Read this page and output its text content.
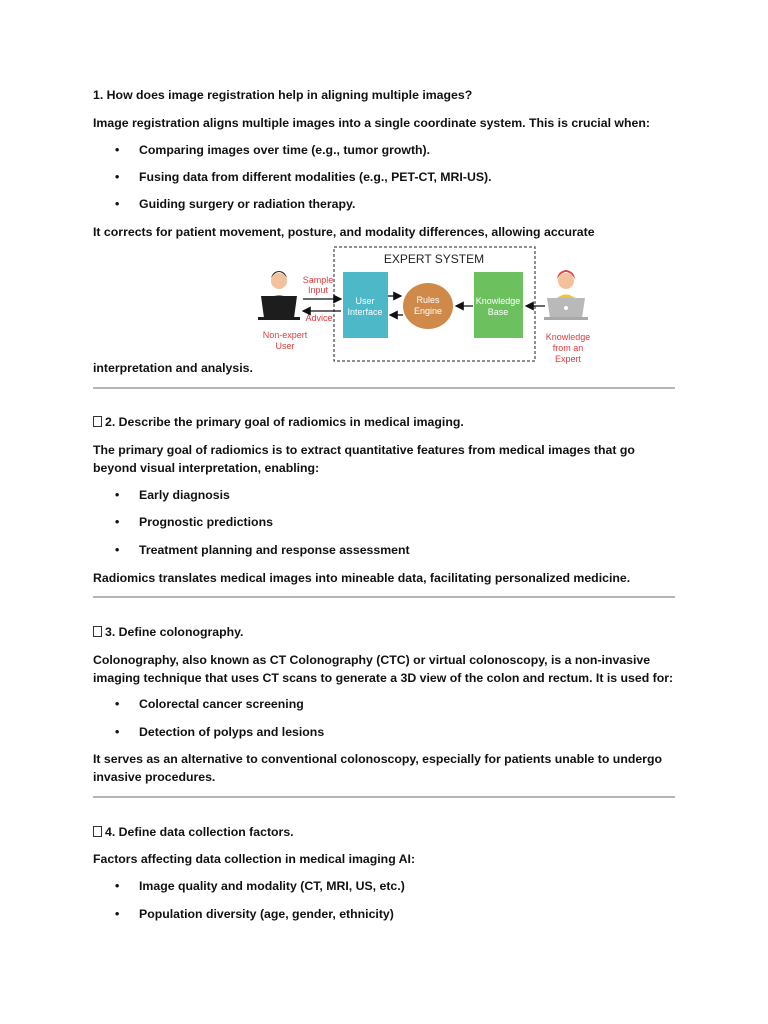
1. How does image registration help in aligning multiple images?

Image registration aligns multiple images into a single coordinate system. This is crucial when:

• Comparing images over time (e.g., tumor growth).
• Fusing data from different modalities (e.g., PET-CT, MRI-US).
• Guiding surgery or radiation therapy.

It corrects for patient movement, posture, and modality differences, allowing accurate

EXPERT SYSTEM
Sample
Input
Advice
Non-expert
User
User
Interface
Rules
Engine
Knowledge
Base
Knowledge
from an
Expert

interpretation and analysis.

2. Describe the primary goal of radiomics in medical imaging.

The primary goal of radiomics is to extract quantitative features from medical images that go beyond visual interpretation, enabling:

• Early diagnosis
• Prognostic predictions
• Treatment planning and response assessment

Radiomics translates medical images into mineable data, facilitating personalized medicine.

3. Define colonography.

Colonography, also known as CT Colonography (CTC) or virtual colonoscopy, is a non-invasive imaging technique that uses CT scans to generate a 3D view of the colon and rectum. It is used for:

• Colorectal cancer screening
• Detection of polyps and lesions

It serves as an alternative to conventional colonoscopy, especially for patients unable to undergo invasive procedures.

4. Define data collection factors.

Factors affecting data collection in medical imaging AI:

• Image quality and modality (CT, MRI, US, etc.)
• Population diversity (age, gender, ethnicity)
